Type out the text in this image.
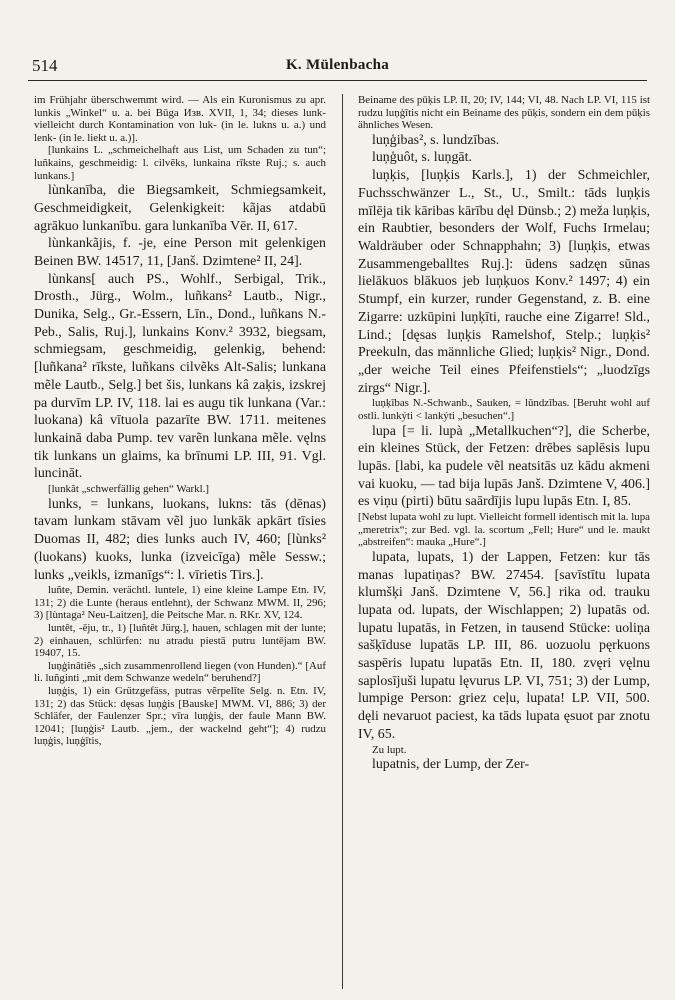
514	K. Mülenbacha

im Frühjahr überschwemmt wird. — Als ein Kuronismus zu apr. lunkis „Winkel“ u. a. bei Būga Изв. XVII, 1, 34; dieses lunk- vielleicht durch Kontamination von luk- (in le. lukns u. a.) und lenk- (in le. liekt u. a.)].

[lunkains L. „schmeichelhaft aus List, um Schaden zu tun“; luñkains, geschmeidig: l. cilvẽks, lunkaina rīkste Ruj.; s. auch lunkans.]

lùnkanība, die Biegsamkeit, Schmiegsamkeit, Geschmeidigkeit, Gelenkigkeit: kãjas atdabū agrākuo lunkanību. gara lunkanība Vēr. II, 617.

lùnkankãjis, f. -je, eine Person mit gelenkigen Beinen BW. 14517, 11, [Janš. Dzimtene² II, 24].

lùnkans[ auch PS., Wohlf., Serbigal, Trik., Drosth., Jürg., Wolm., luñkans² Lautb., Nigr., Dunika, Selg., Gr.-Essern, Līn., Dond., luñkans N.-Peb., Salis, Ruj.], lunkains Konv.² 3932, biegsam, schmiegsam, geschmeidig, gelenkig, behend: [luñkana² rīkste, luñkans cilvẽks Alt-Salis; lunkana mẽle Lautb., Selg.] bet šis, lunkans kâ zaķis, izskrej pa durvīm LP. IV, 118. lai es augu tik lunkana (Var.: luokana) kâ vītuola pazarīte BW. 1711. meitenes lunkainā daba Pump. tev varẽn lunkana mẽle. vęlns tik lunkans un glaims, ka brīnumi LP. III, 91. Vgl. luncināt.

[lunkãt „schwerfällig gehen“ Warkl.]

lunks, = lunkans, luokans, lukns: tās (dēnas) tavam lunkam stāvam vẽl juo lunkāk apkārt tīsies Duomas II, 482; dies lunks auch IV, 460; [lùnks² (luokans) kuoks, lunka (izveicīga) mẽle Sessw.; lunks „veikls, izmanīgs“: l. vīrietis Tirs.].

luñte, Demin. verächtl. luntele, 1) eine kleine Lampe Etn. IV, 131; 2) die Lunte (heraus entlehnt), der Schwanz MWM. II, 296; 3) [lùntaga² Neu-Laitzen], die Peitsche Mar. n. RKr. XV, 124.

luntêt, -ēju, tr., 1) [luñtêt Jürg.], hauen, schlagen mit der lunte; 2) einhauen, schlürfen: nu atradu piestā putru luntējam BW. 19407, 15.

luņģinâtiês „sich zusammenrollend liegen (von Hunden).“ [Auf li. luñginti „mit dem Schwanze wedeln“ beruhend?]

luņģis, 1) ein Grützgefäss, putras vẽrpelīte Selg. n. Etn. IV, 131; 2) das Stück: dęsas luņģis [Bauske] MWM. VI, 886; 3) der Schläfer, der Faulenzer Spr.; vīra luņģis, der faule Mann BW. 12041; [luņģis² Lautb. „jem., der wackelnd geht“]; 4) rudzu luņģis, luņģītis,

Beiname des pūķis LP. II, 20; IV, 144; VI, 48. Nach LP. VI, 115 ist rudzu luņģītis nicht ein Beiname des pūķis, sondern ein dem pūķis ähnliches Wesen.

luņģibas², s. lundzības.

luņģuôt, s. luņgāt.

luņķis, [luņķis Karls.], 1) der Schmeichler, Fuchsschwänzer L., St., U., Smilt.: tāds luņķis mīlēja tik kāribas kārību dęl Dünsb.; 2) meža luņķis, ein Raubtier, besonders der Wolf, Fuchs Irmelau; Waldräuber oder Schnapphahn; 3) [luņķis, etwas Zusammengeballtes Ruj.]: ūdens sadzęn sūnas lielākuos blākuos jeb luņķuos Konv.² 1497; 4) ein Stumpf, ein kurzer, runder Gegenstand, z. B. eine Zigarre: uzkūpini luņķīti, rauche eine Zigarre! Sld., Lind.; [dęsas luņķis Ramelshof, Stelp.; luņķis² Preekuln, das männliche Glied; luņķis² Nigr., Dond. „der weiche Teil eines Pfeifenstiels“; „luodzīgs zirgs“ Nigr.].

luņķības N.-Schwanb., Sauken, = lūndzības. [Beruht wohl auf ostli. lunkýti < lankýti „besuchen“.]

lupa [= li. lupà „Metallkuchen“?], die Scherbe, ein kleines Stück, der Fetzen: drēbes saplēsis lupu lupās. [labi, ka pudele vẽl neatsitās uz kādu akmeni vai kuoku, — tad bija lupās Janš. Dzimtene V, 406.] es viņu (pirti) būtu saārdījis lupu lupās Etn. I, 85.

[Nebst lupata wohl zu lupt. Vielleicht formell identisch mit la. lupa „meretrix“; zur Bed. vgl. la. scortum „Fell; Hure“ und le. maukt „abstreifen“: mauka „Hure“.]

lupata, lupats, 1) der Lappen, Fetzen: kur tās manas lupatiņas? BW. 27454. [savīstītu lupata klumšķi Janš. Dzimtene V, 56.] rika od. trauku lupata od. lupats, der Wischlappen; 2) lupatās od. lupatu lupatās, in Fetzen, in tausend Stücke: uoliņa sašķīduse lupatās LP. III, 86. uozuolu pęrkuons saspēris lupatu lupatās Etn. II, 180. zvęri vęlnu saplosījuši lupatu lęvurus LP. VI, 751; 3) der Lump, lumpige Person: griez ceļu, lupata! LP. VII, 500. dęli nevaruot paciest, ka tāds lupata ęsuot par znotu IV, 65.

Zu lupt.

lupatnis, der Lump, der Zer-
